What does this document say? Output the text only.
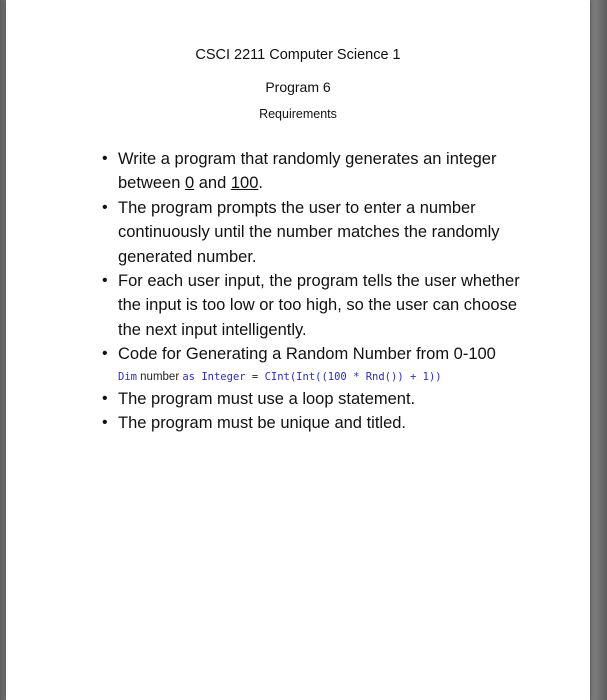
CSCI 2211 Computer Science 1
Program 6
Requirements
• Write a program that randomly generates an integer between 0 and 100.
• The program prompts the user to enter a number continuously until the number matches the randomly generated number.
• For each user input, the program tells the user whether the input is too low or too high, so the user can choose the next input intelligently.
• Code for Generating a Random Number from 0-100
Dim number as Integer = CInt(Int((100 * Rnd()) + 1))
• The program must use a loop statement.
• The program must be unique and titled.
